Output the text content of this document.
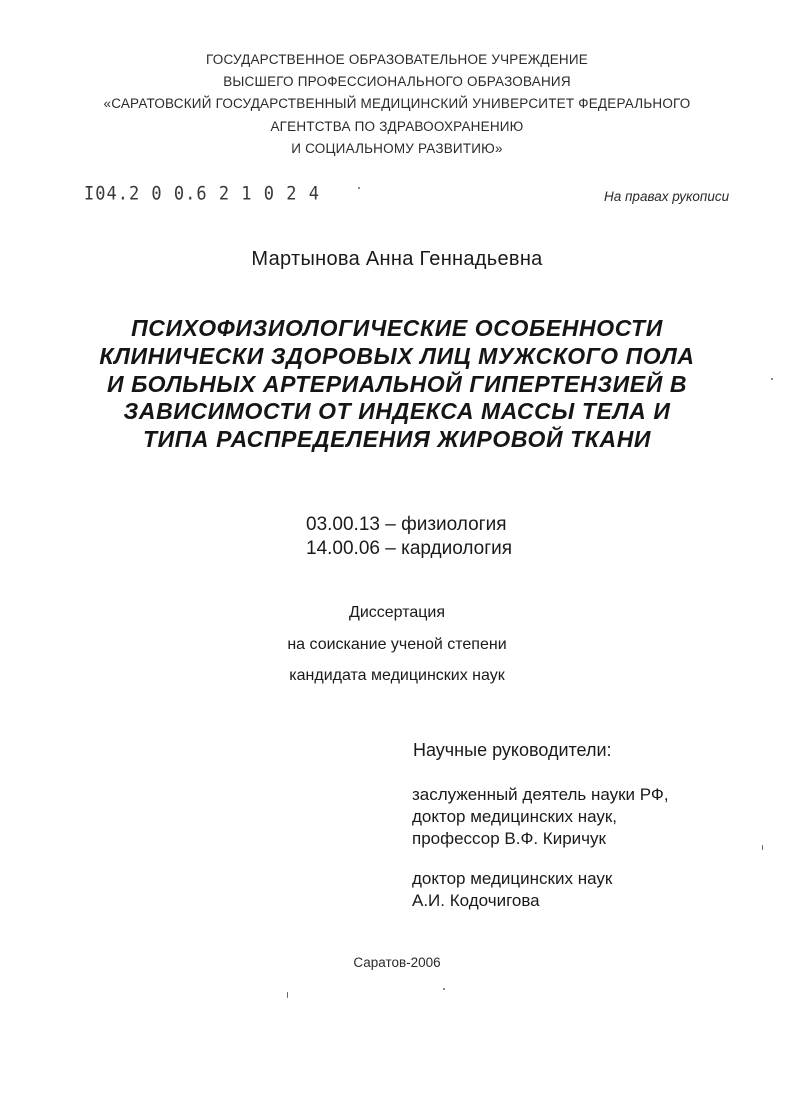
ГОСУДАРСТВЕННОЕ ОБРАЗОВАТЕЛЬНОЕ УЧРЕЖДЕНИЕ
ВЫСШЕГО ПРОФЕССИОНАЛЬНОГО ОБРАЗОВАНИЯ
«САРАТОВСКИЙ ГОСУДАРСТВЕННЫЙ МЕДИЦИНСКИЙ УНИВЕРСИТЕТ ФЕДЕРАЛЬНОГО
АГЕНТСТВА ПО ЗДРАВООХРАНЕНИЮ
И СОЦИАЛЬНОМУ РАЗВИТИЮ»
I04.2 0 0.6 2 1 0 2 4	На правах рукописи
Мартынова Анна Геннадьевна
ПСИХОФИЗИОЛОГИЧЕСКИЕ ОСОБЕННОСТИ
КЛИНИЧЕСКИ ЗДОРОВЫХ ЛИЦ МУЖСКОГО ПОЛА
И БОЛЬНЫХ АРТЕРИАЛЬНОЙ ГИПЕРТЕНЗИЕЙ В
ЗАВИСИМОСТИ ОТ ИНДЕКСА МАССЫ ТЕЛА И
ТИПА РАСПРЕДЕЛЕНИЯ ЖИРОВОЙ ТКАНИ
03.00.13 – физиология
14.00.06 – кардиология
Диссертация
на соискание ученой степени
кандидата медицинских наук
Научные руководители:
заслуженный деятель науки РФ,
доктор медицинских наук,
профессор В.Ф. Киричук
доктор медицинских наук
А.И. Кодочигова
Саратов-2006
